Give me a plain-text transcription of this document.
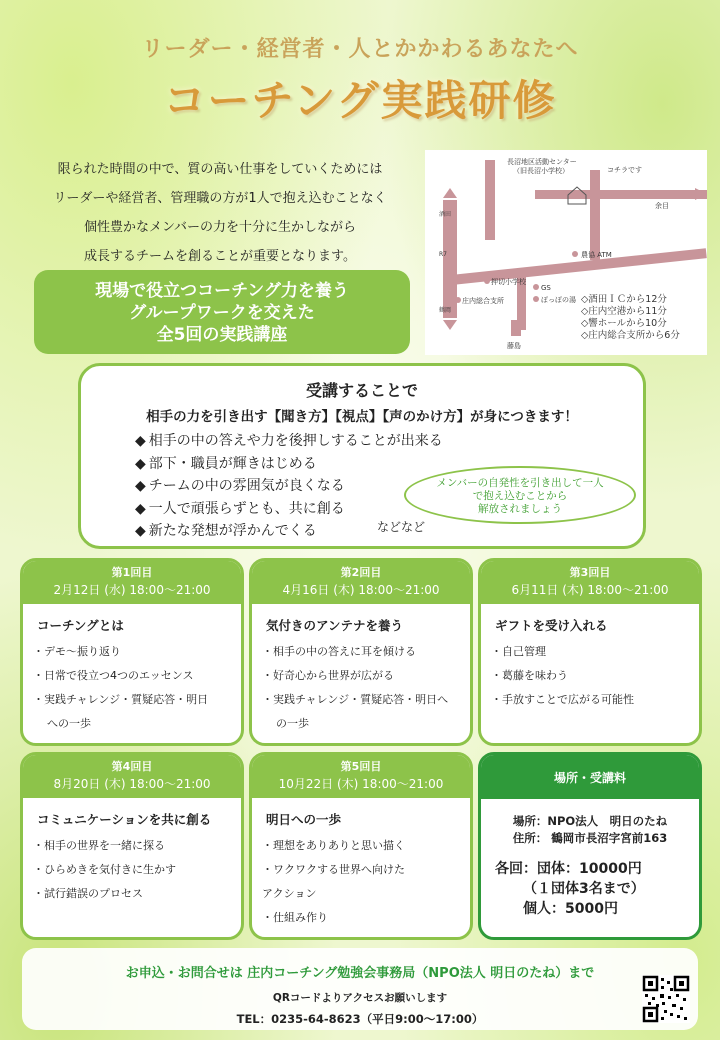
リーダー・経営者・人とかかわるあなたへ
コーチング実践研修
限られた時間の中で、質の高い仕事をしていくためには
リーダーや経営者、管理職の方が1人で抱え込むことなく
個性豊かなメンバーの力を十分に生かしながら
成長するチームを創ることが重要となります。
現場で役立つコーチング力を養う
グループワークを交えた
全5回の実践講座
長沼地区活動センター
（旧長沼小学校）	コチラです
余目
酒田
R7
鶴岡
藤島
農協 ATM
押切小学校
GS
庄内総合支所	ぽっぽの湯 ◇酒田ＩＣから12分
◇庄内空港から11分
◇響ホールから10分
◇庄内総合支所から6分
受講することで
相手の力を引き出す【聞き方】【視点】【声のかけ方】が身につきます！
◆ 相手の中の答えや力を後押しすることが出来る
◆ 部下・職員が輝きはじめる
◆ チームの中の雰囲気が良くなる
◆ 一人で頑張らずとも、共に創る
◆ 新たな発想が浮かんでくる	などなど
メンバーの自発性を引き出して一人
で抱え込むことから
解放されましょう
第1回目
2月12日 (水) 18:00～21:00
コーチングとは
・デモ～振り返り
・日常で役立つ4つのエッセンス
・実践チャレンジ・質疑応答・明日
への一歩
第2回目
4月16日 (木) 18:00～21:00
気付きのアンテナを養う
・相手の中の答えに耳を傾ける
・好奇心から世界が広がる
・実践チャレンジ・質疑応答・明日へ
の一歩
第3回目
6月11日 (木) 18:00～21:00
ギフトを受け入れる
・自己管理
・葛藤を味わう
・手放すことで広がる可能性
第4回目
8月20日 (木) 18:00～21:00
コミュニケーションを共に創る
・相手の世界を一緒に探る
・ひらめきを気付きに生かす
・試行錯誤のプロセス
第5回目
10月22日 (木) 18:00～21:00
明日への一歩
・理想をありありと思い描く
・ワクワクする世界へ向けた
アクション
・仕組み作り
場所・受講料
場所：NPO法人　明日のたね
住所： 鶴岡市長沼字宮前163
各回：団体：10000円
（１団体3名まで）
個人：5000円
お申込・お問合せは 庄内コーチング勉強会事務局（NPO法人 明日のたね）まで
QRコードよりアクセスお願いします
TEL：0235-64-8623（平日9:00～17:00）
